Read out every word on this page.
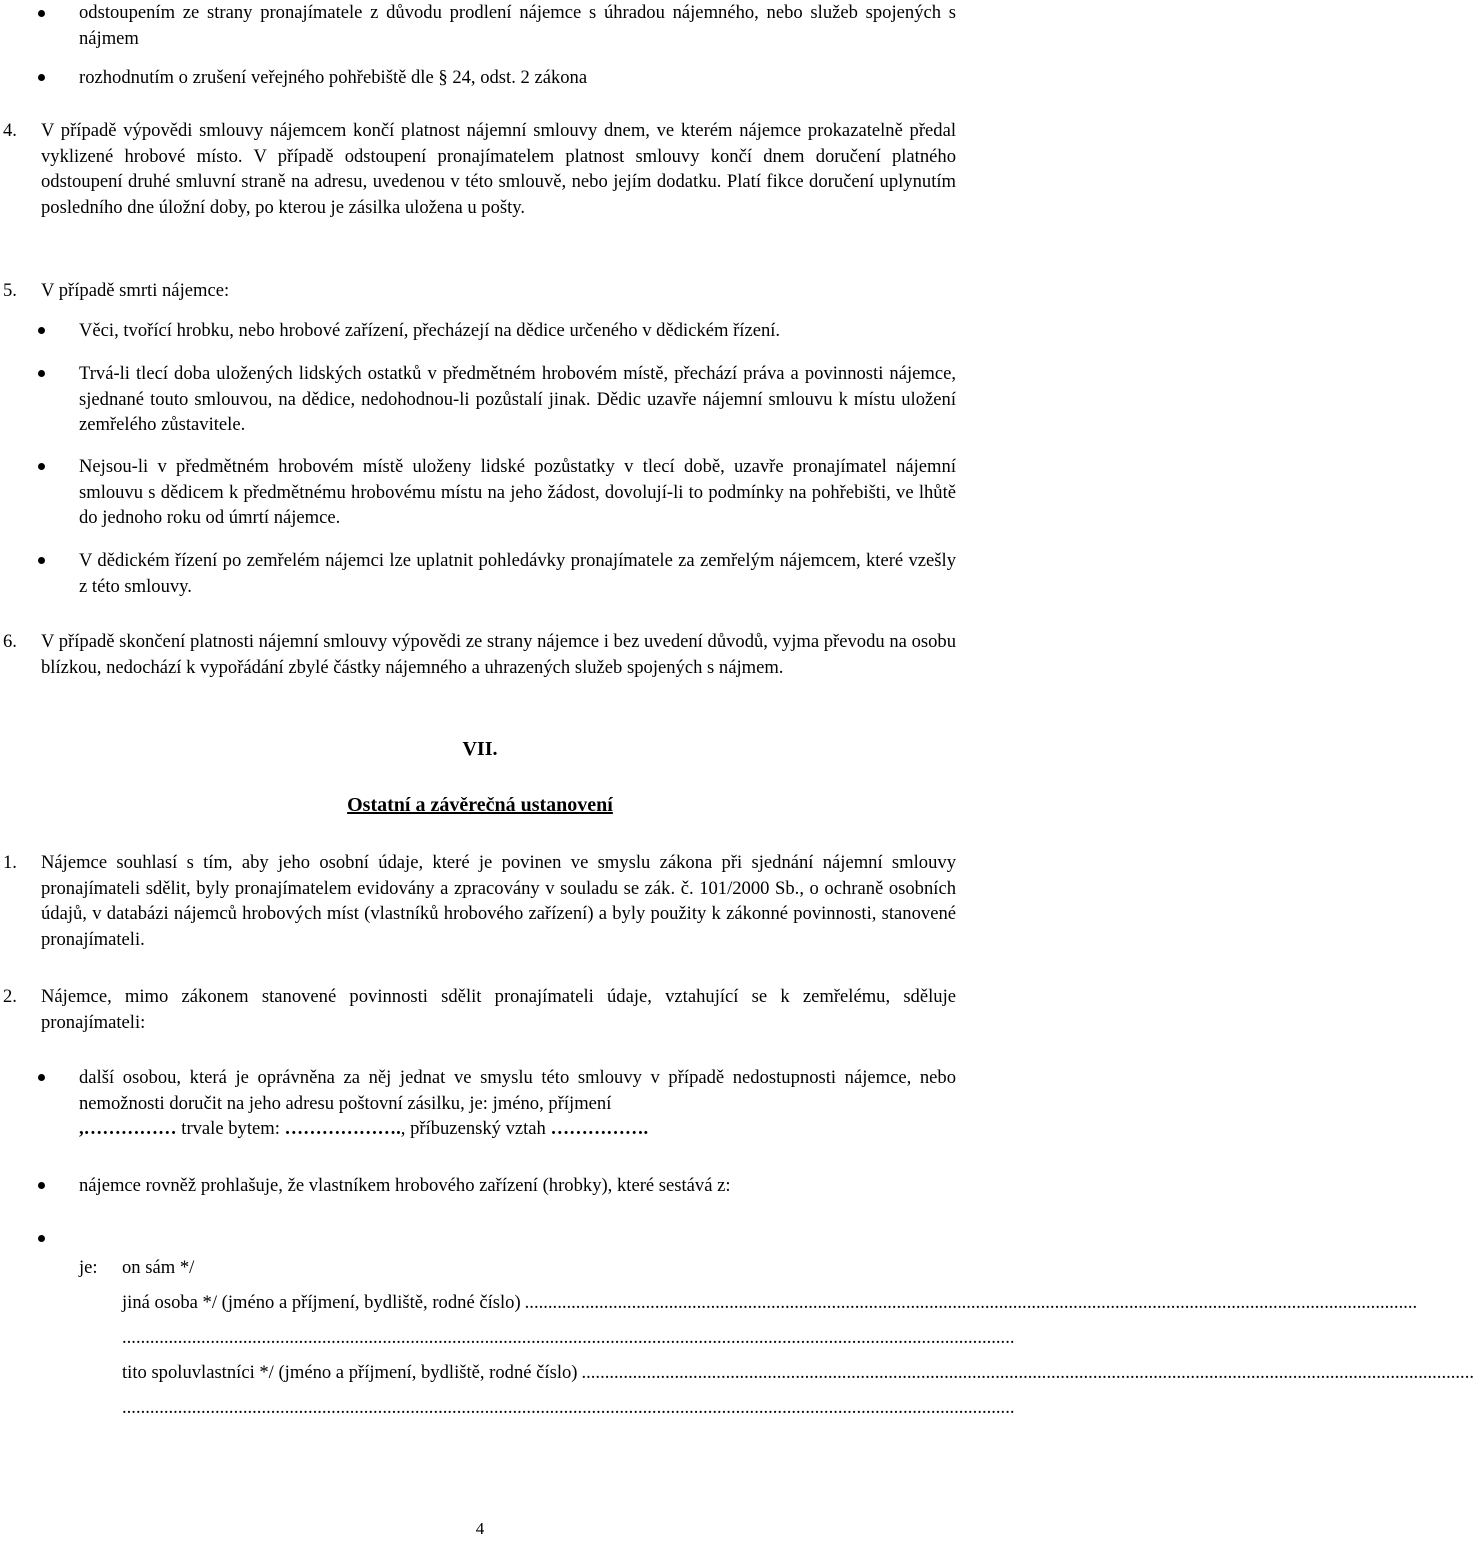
odstoupením ze strany pronajímatele z důvodu prodlení nájemce s úhradou nájemného, nebo služeb spojených s nájmem

rozhodnutím o zrušení veřejného pohřebiště dle § 24, odst. 2 zákona

4. V případě výpovědi smlouvy nájemcem končí platnost nájemní smlouvy dnem, ve kterém nájemce prokazatelně předal vyklizené hrobové místo. V případě odstoupení pronajímatelem platnost smlouvy končí dnem doručení platného odstoupení druhé smluvní straně na adresu, uvedenou v této smlouvě, nebo jejím dodatku. Platí fikce doručení uplynutím posledního dne úložní doby, po kterou je zásilka uložena u pošty.

5. V případě smrti nájemce:

Věci, tvořící hrobku, nebo hrobové zařízení, přecházejí na dědice určeného v dědickém řízení.

Trvá-li tlecí doba uložených lidských ostatků v předmětném hrobovém místě, přechází práva a povinnosti nájemce, sjednané touto smlouvou, na dědice, nedohodnou-li pozůstalí jinak. Dědic uzavře nájemní smlouvu k místu uložení zemřelého zůstavitele.

Nejsou-li v předmětném hrobovém místě uloženy lidské pozůstatky v tlecí době, uzavře pronajímatel nájemní smlouvu s dědicem k předmětnému hrobovému místu na jeho žádost, dovolují-li to podmínky na pohřebišti, ve lhůtě do jednoho roku od úmrtí nájemce.

V dědickém řízení po zemřelém nájemci lze uplatnit pohledávky pronajímatele za zemřelým nájemcem, které vzešly z této smlouvy.

6. V případě skončení platnosti nájemní smlouvy výpovědi ze strany nájemce i bez uvedení důvodů, vyjma převodu na osobu blízkou, nedochází k vypořádání zbylé částky nájemného a uhrazených služeb spojených s nájmem.

VII.
Ostatní a závěrečná ustanovení
1. Nájemce souhlasí s tím, aby jeho osobní údaje, které je povinen ve smyslu zákona při sjednání nájemní smlouvy pronajímateli sdělit, byly pronajímatelem evidovány a zpracovány v souladu se zák. č. 101/2000 Sb., o ochraně osobních údajů, v databázi nájemců hrobových míst (vlastníků hrobového zařízení) a byly použity k zákonné povinnosti, stanovené pronajímateli.

2. Nájemce, mimo zákonem stanovené povinnosti sdělit pronajímateli údaje, vztahující se k zemřelému, sděluje pronajímateli:

další osobou, která je oprávněna za něj jednat ve smyslu této smlouvy v případě nedostupnosti nájemce, nebo nemožnosti doručit na jeho adresu poštovní zásilku, je: jméno, příjmení
,…………… trvale bytem: ………………., příbuzenský vztah …………….

nájemce rovněž prohlašuje, že vlastníkem hrobového zařízení (hrobky), které sestává z:

je: on sám */
jiná osoba */ (jméno a příjmení, bydliště, rodné číslo) ................................................................................................................................................................................................
................................................................................................................................................................................................
tito spoluvlastníci */ (jméno a příjmení, bydliště, rodné číslo) ................................................................................................................................................................................................
................................................................................................................................................................................................
4
